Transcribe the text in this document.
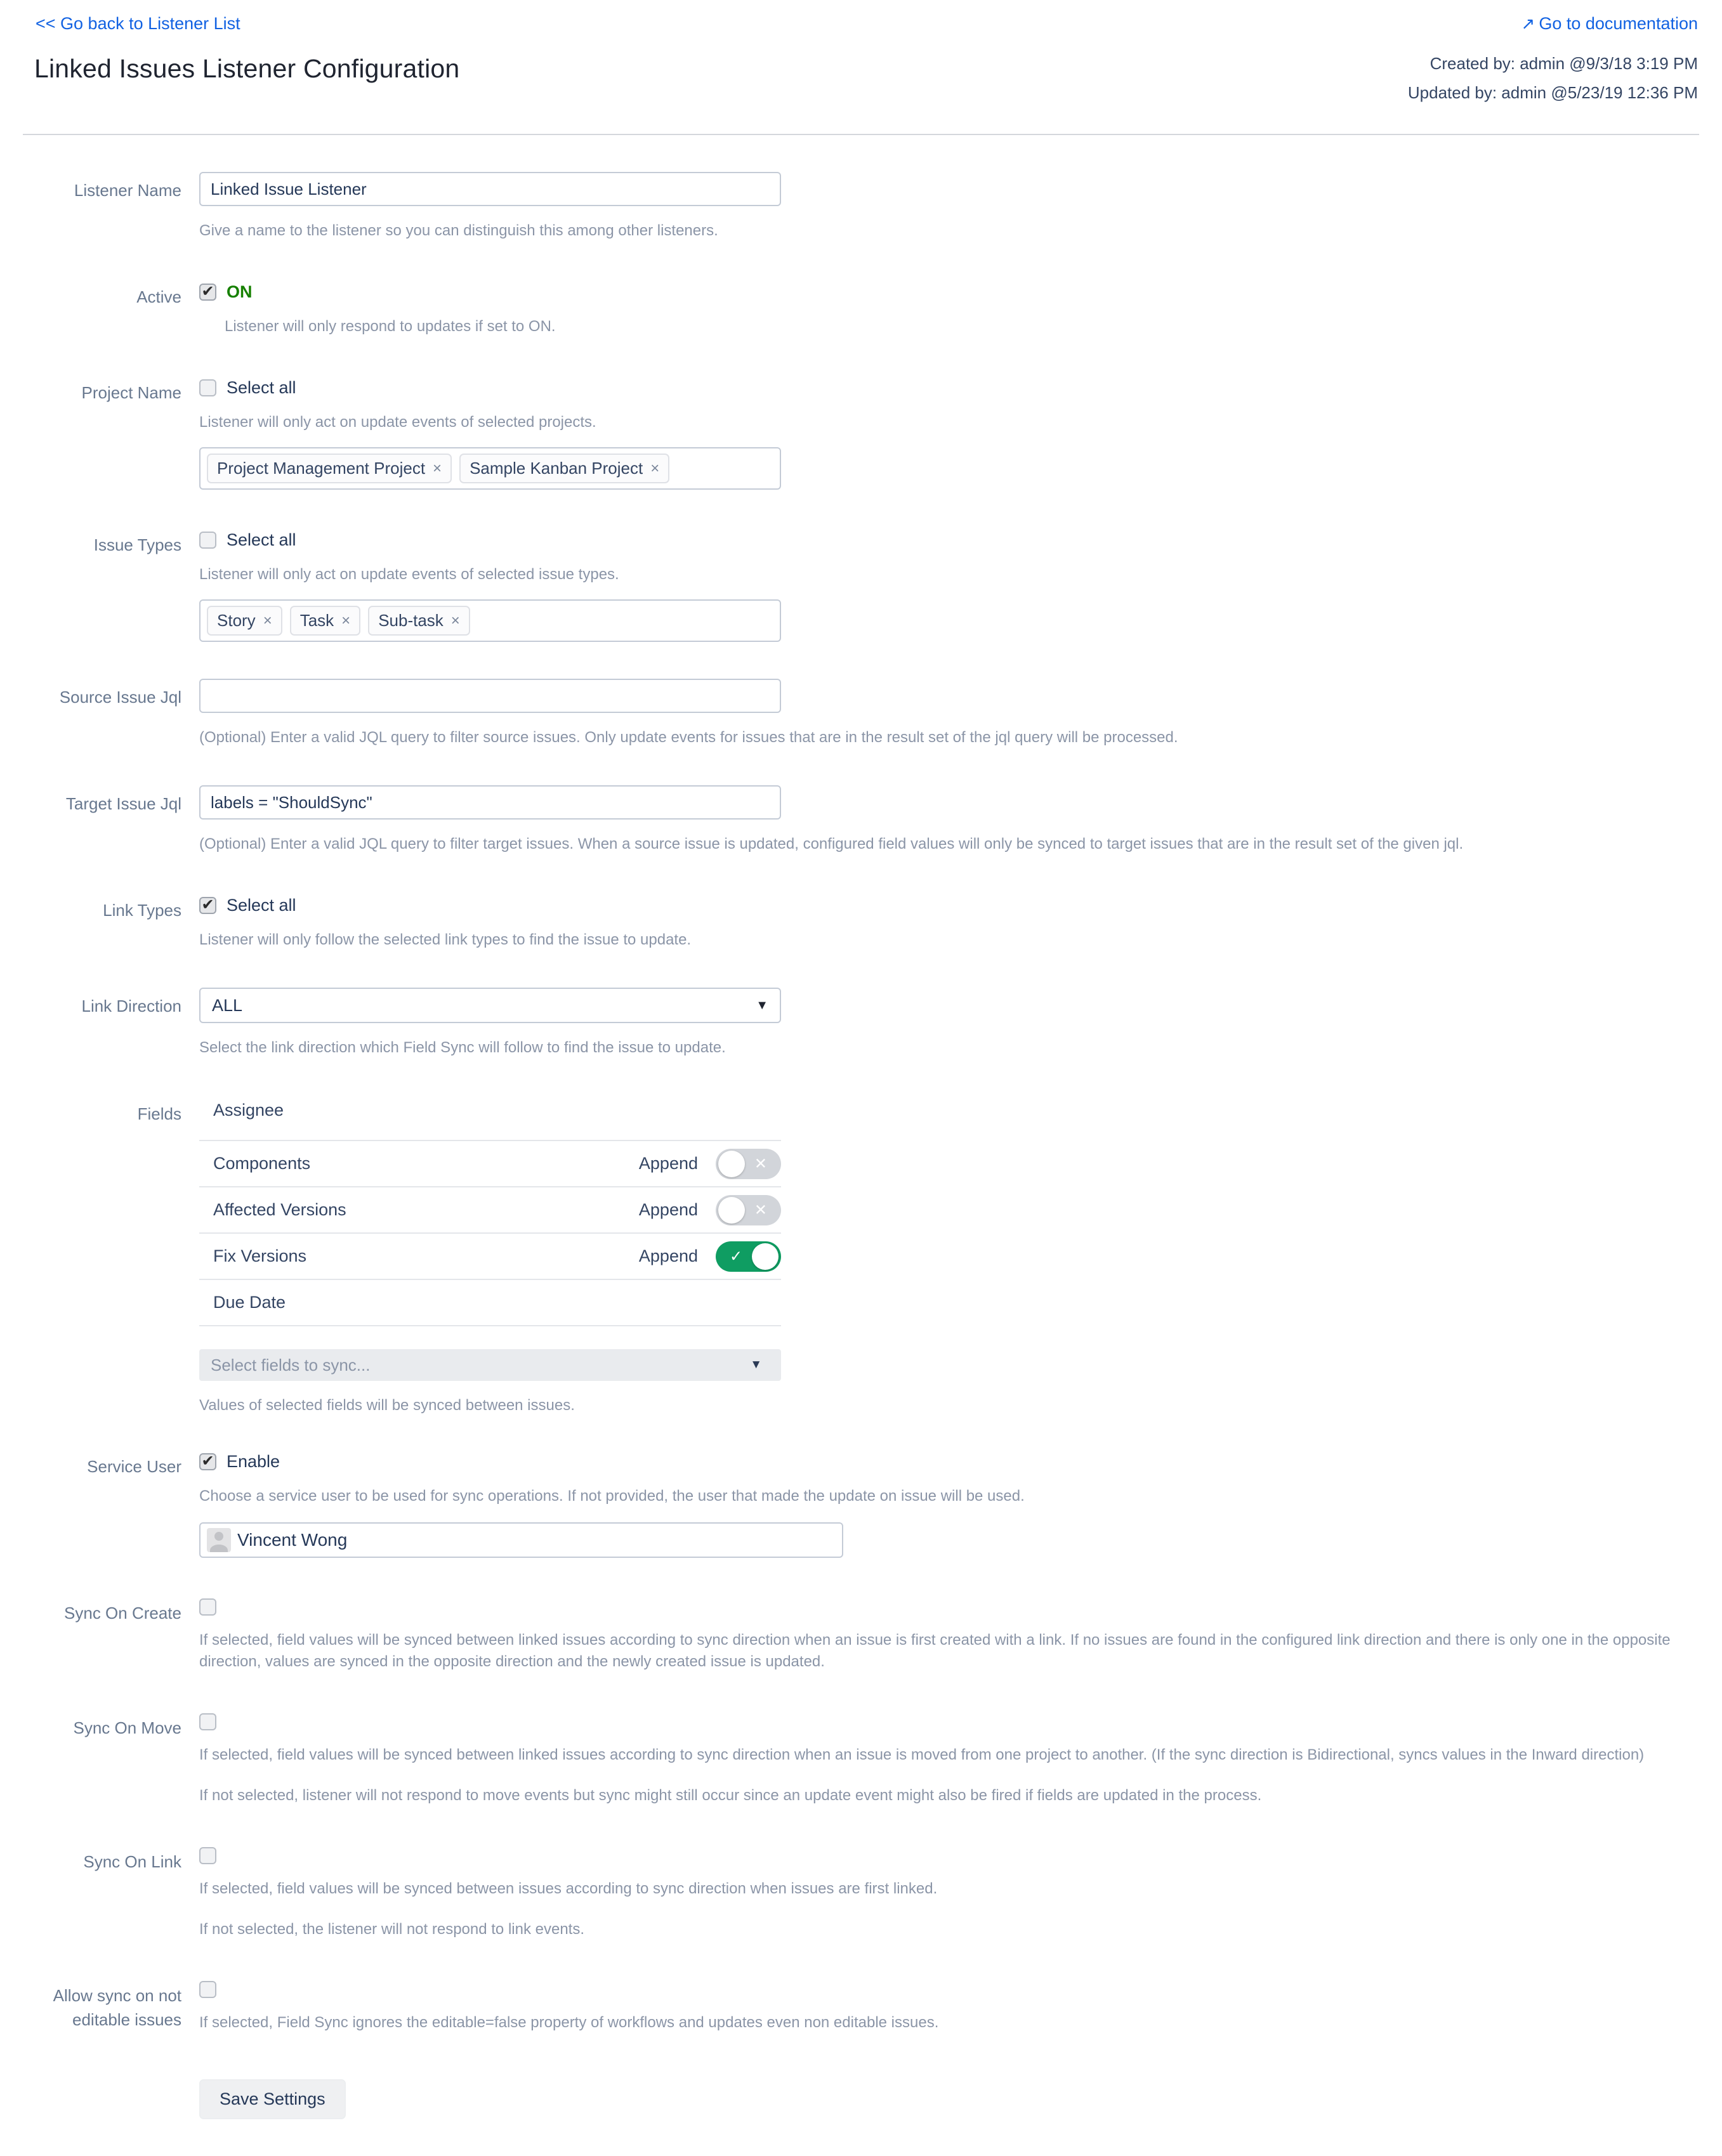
<< Go back to Listener List	↗ Go to documentation
Linked Issues Listener Configuration	Created by: admin @9/3/18 3:19 PM
Updated by: admin @5/23/19 12:36 PM
Listener Name
Linked Issue Listener
Give a name to the listener so you can distinguish this among other listeners.
Active ✔ ON
Listener will only respond to updates if set to ON.
Project Name	Select all
Listener will only act on update events of selected projects.
Project Management Project × Sample Kanban Project ×
Issue Types	Select all
Listener will only act on update events of selected issue types.
Story × Task × Sub-task ×
Source Issue Jql
(Optional) Enter a valid JQL query to filter source issues. Only update events for issues that are in the result set of the jql query will be processed.
Target Issue Jql
labels = "ShouldSync"
(Optional) Enter a valid JQL query to filter target issues. When a source issue is updated, configured field values will only be synced to target issues that are in the result set of the given jql.
Link Types ✔ Select all
Listener will only follow the selected link types to find the issue to update.
Link Direction ALL	▼
Select the link direction which Field Sync will follow to find the issue to update.
Fields Assignee
Components	Append	✕
Affected Versions	Append	✕
Fix Versions	Append ✓
Due Date
Select fields to sync...	▼
Values of selected fields will be synced between issues.
Service User ✔ Enable
Choose a service user to be used for sync operations. If not provided, the user that made the update on issue will be used.
Vincent Wong
Sync On Create
If selected, field values will be synced between linked issues according to sync direction when an issue is first created with a link. If no issues are found in the configured link direction and there is only one in the opposite direction, values are synced in the opposite direction and the newly created issue is updated.
Sync On Move
If selected, field values will be synced between linked issues according to sync direction when an issue is moved from one project to another. (If the sync direction is Bidirectional, syncs values in the Inward direction)
If not selected, listener will not respond to move events but sync might still occur since an update event might also be fired if fields are updated in the process.
Sync On Link
If selected, field values will be synced between issues according to sync direction when issues are first linked.
If not selected, the listener will not respond to link events.
Allow sync on not editable issues If selected, Field Sync ignores the editable=false property of workflows and updates even non editable issues.
Save Settings
